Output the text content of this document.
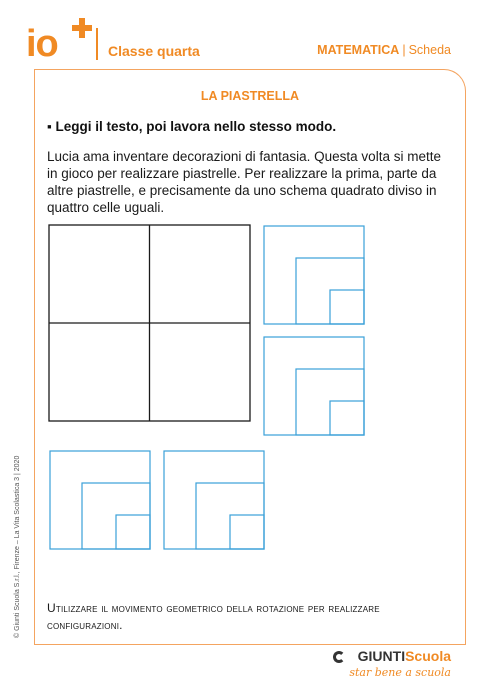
io	Classe quarta	MATEMATICA | Scheda
LA PIASTRELLA
▪ Leggi il testo, poi lavora nello stesso modo.
Lucia ama inventare decorazioni di fantasia. Questa volta si mette in gioco per realizzare piastrelle. Per realizzare la prima, parte da altre piastrelle, e precisamente da uno schema quadrato diviso in quattro celle uguali.
Utilizzare il movimento geometrico della rotazione per realizzare configurazioni.
© Giunti Scuola S.r.l., Firenze – La Vita Scolastica 3 | 2020
GIUNTIScuola
star bene a scuola
